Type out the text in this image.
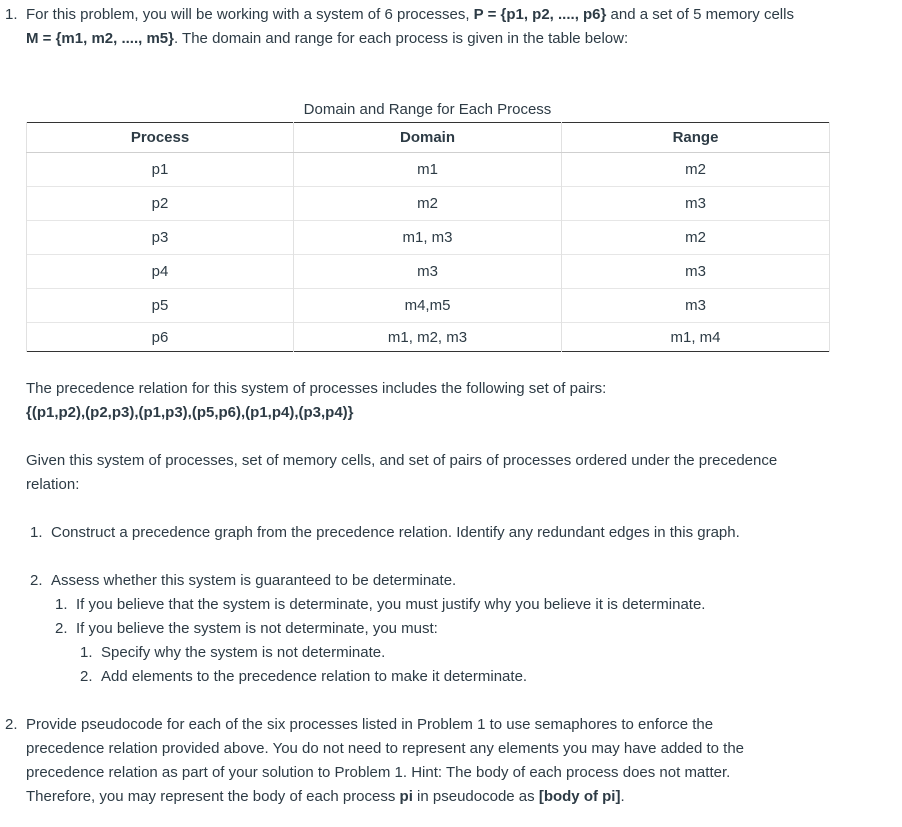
1. For this problem, you will be working with a system of 6 processes, P = {p1, p2, ...., p6} and a set of 5 memory cells
M = {m1, m2, ...., m5}. The domain and range for each process is given in the table below:
Domain and Range for Each Process
Process	Domain	Range
p1	m1	m2
p2	m2	m3
p3	m1, m3	m2
p4	m3	m3
p5	m4,m5	m3
p6	m1, m2, m3	m1, m4
The precedence relation for this system of processes includes the following set of pairs:
{(p1,p2),(p2,p3),(p1,p3),(p5,p6),(p1,p4),(p3,p4)}
Given this system of processes, set of memory cells, and set of pairs of processes ordered under the precedence
relation:
1. Construct a precedence graph from the precedence relation. Identify any redundant edges in this graph.
2. Assess whether this system is guaranteed to be determinate.
1. If you believe that the system is determinate, you must justify why you believe it is determinate.
2. If you believe the system is not determinate, you must:
1. Specify why the system is not determinate.
2. Add elements to the precedence relation to make it determinate.
2. Provide pseudocode for each of the six processes listed in Problem 1 to use semaphores to enforce the
precedence relation provided above. You do not need to represent any elements you may have added to the
precedence relation as part of your solution to Problem 1. Hint: The body of each process does not matter.
Therefore, you may represent the body of each process pi in pseudocode as [body of pi].
